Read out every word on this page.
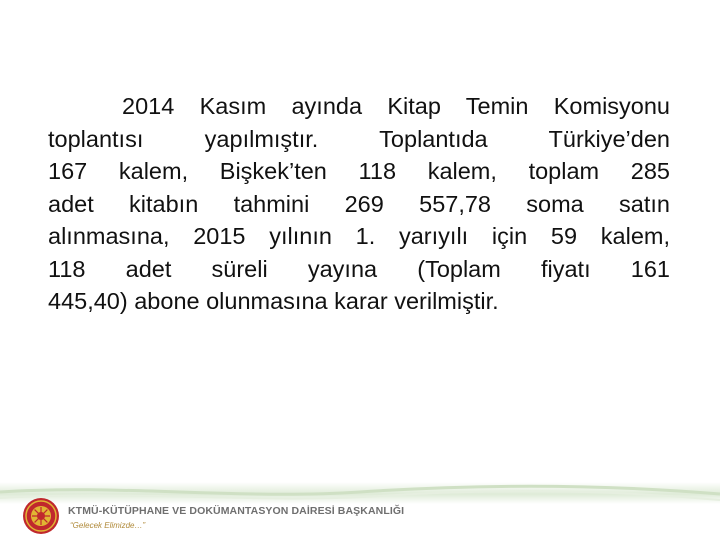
2014 Kasım ayında Kitap Temin Komisyonu
toplantısı yapılmıştır. Toplantıda Türkiye’den
167 kalem, Bişkek’ten 118 kalem, toplam 285
adet kitabın tahmini 269 557,78 soma satın
alınmasına, 2015 yılının 1. yarıyılı için 59 kalem,
118 adet süreli yayına (Toplam fiyatı 161
445,40) abone olunmasına karar verilmiştir.
KTMÜ-KÜTÜPHANE VE DOKÜMANTASYON DAİRESİ BAŞKANLIĞI
“Gelecek Elimizde…”
